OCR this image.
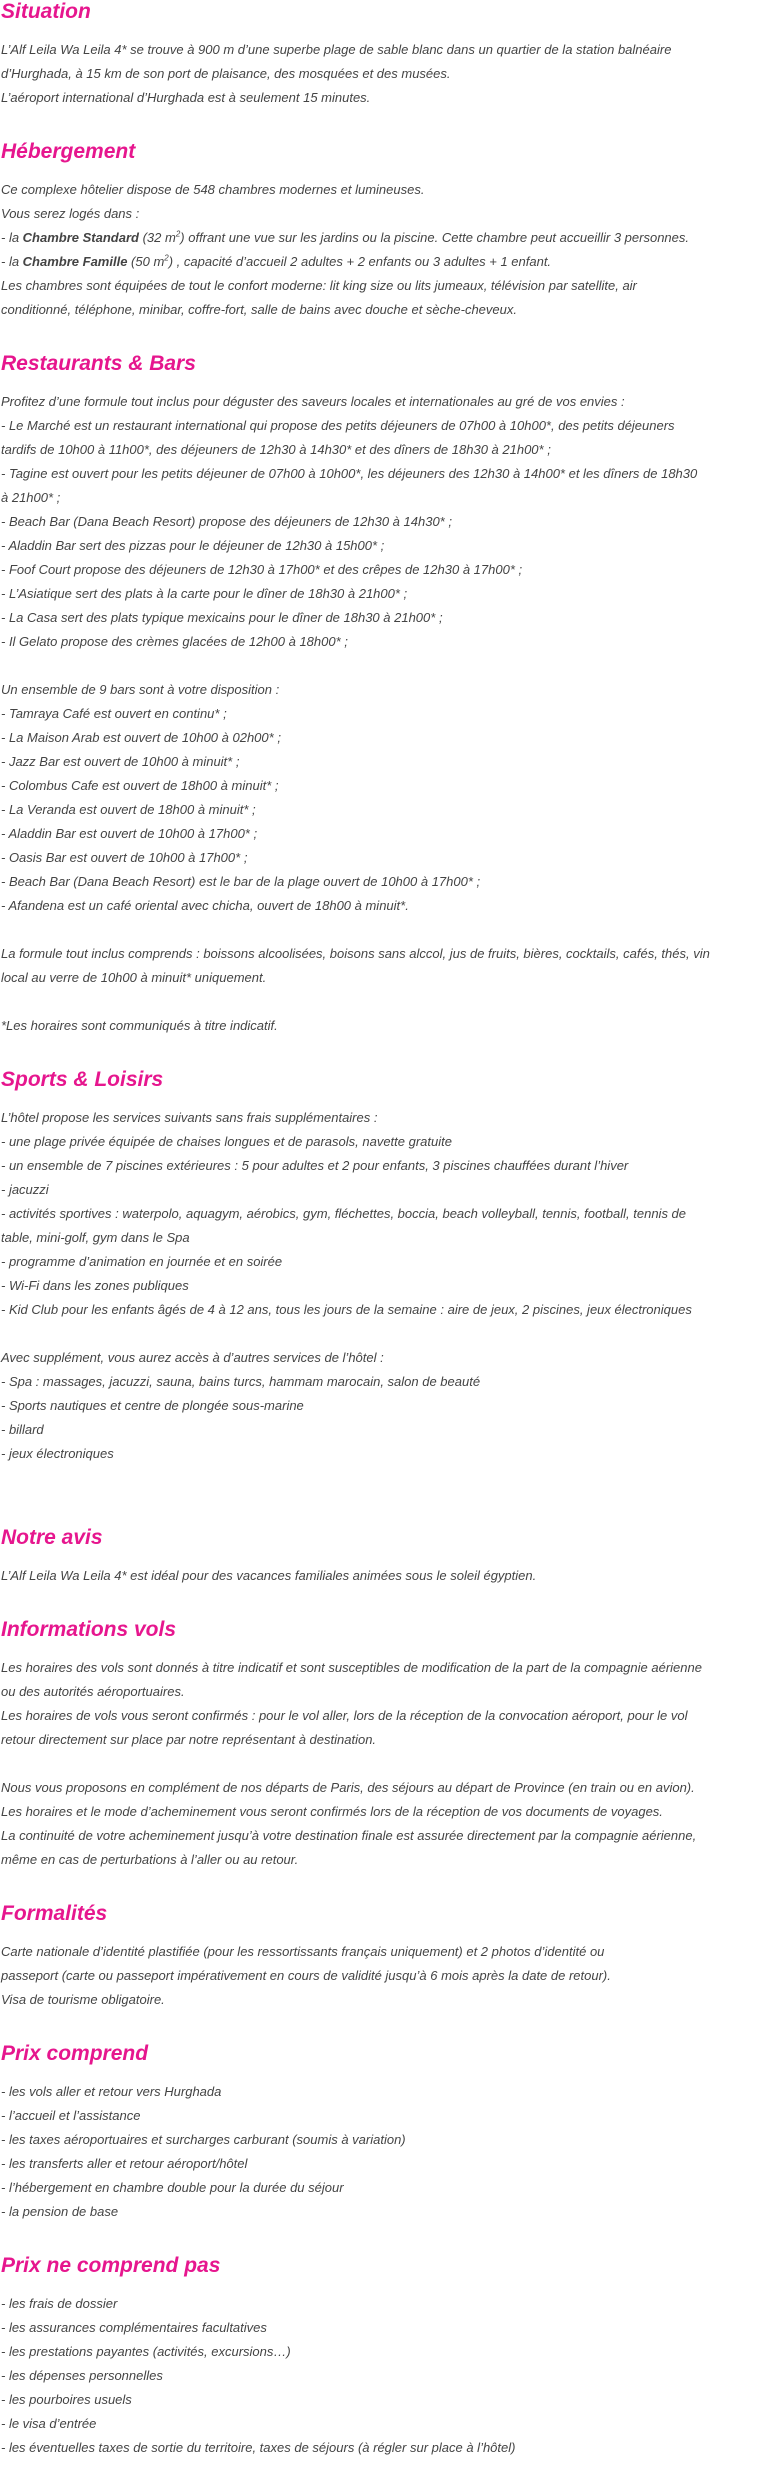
Situation
L’Alf Leila Wa Leila 4* se trouve à 900 m d’une superbe plage de sable blanc dans un quartier de la station balnéaire
d’Hurghada, à 15 km de son port de plaisance, des mosquées et des musées.
L’aéroport international d’Hurghada est à seulement 15 minutes.
Hébergement
Ce complexe hôtelier dispose de 548 chambres modernes et lumineuses.
Vous serez logés dans :
- la Chambre Standard (32 $m^2$) offrant une vue sur les jardins ou la piscine. Cette chambre peut accueillir 3 personnes.
- la Chambre Famille (50 $m^2$) , capacité d’accueil 2 adultes + 2 enfants ou 3 adultes + 1 enfant.
Les chambres sont équipées de tout le confort moderne: lit king size ou lits jumeaux, télévision par satellite, air
conditionné, téléphone, minibar, coffre-fort, salle de bains avec douche et sèche-cheveux.
Restaurants & Bars
Profitez d’une formule tout inclus pour déguster des saveurs locales et internationales au gré de vos envies :
- Le Marché est un restaurant international qui propose des petits déjeuners de 07h00 à 10h00*, des petits déjeuners
tardifs de 10h00 à 11h00*, des déjeuners de 12h30 à 14h30* et des dîners de 18h30 à 21h00* ;
- Tagine est ouvert pour les petits déjeuner de 07h00 à 10h00*, les déjeuners des 12h30 à 14h00* et les dîners de 18h30
à 21h00* ;
- Beach Bar (Dana Beach Resort) propose des déjeuners de 12h30 à 14h30* ;
- Aladdin Bar sert des pizzas pour le déjeuner de 12h30 à 15h00* ;
- Foof Court propose des déjeuners de 12h30 à 17h00* et des crêpes de 12h30 à 17h00* ;
- L’Asiatique sert des plats à la carte pour le dîner de 18h30 à 21h00* ;
- La Casa sert des plats typique mexicains pour le dîner de 18h30 à 21h00* ;
- Il Gelato propose des crèmes glacées de 12h00 à 18h00* ;
Un ensemble de 9 bars sont à votre disposition :
- Tamraya Café est ouvert en continu* ;
- La Maison Arab est ouvert de 10h00 à 02h00* ;
- Jazz Bar est ouvert de 10h00 à minuit* ;
- Colombus Cafe est ouvert de 18h00 à minuit* ;
- La Veranda est ouvert de 18h00 à minuit* ;
- Aladdin Bar est ouvert de 10h00 à 17h00* ;
- Oasis Bar est ouvert de 10h00 à 17h00* ;
- Beach Bar (Dana Beach Resort) est le bar de la plage ouvert de 10h00 à 17h00* ;
- Afandena est un café oriental avec chicha, ouvert de 18h00 à minuit*.
La formule tout inclus comprends : boissons alcoolisées, boisons sans alccol, jus de fruits, bières, cocktails, cafés, thés, vin
local au verre de 10h00 à minuit* uniquement.
*Les horaires sont communiqués à titre indicatif.
Sports & Loisirs
L’hôtel propose les services suivants sans frais supplémentaires :
- une plage privée équipée de chaises longues et de parasols, navette gratuite
- un ensemble de 7 piscines extérieures : 5 pour adultes et 2 pour enfants, 3 piscines chauffées durant l’hiver
- jacuzzi
- activités sportives : waterpolo, aquagym, aérobics, gym, fléchettes, boccia, beach volleyball, tennis, football, tennis de
table, mini-golf, gym dans le Spa
- programme d’animation en journée et en soirée
- Wi-Fi dans les zones publiques
- Kid Club pour les enfants âgés de 4 à 12 ans, tous les jours de la semaine : aire de jeux, 2 piscines, jeux électroniques
Avec supplément, vous aurez accès à d’autres services de l’hôtel :
- Spa : massages, jacuzzi, sauna, bains turcs, hammam marocain, salon de beauté
- Sports nautiques et centre de plongée sous-marine
- billard
- jeux électroniques
Notre avis
L’Alf Leila Wa Leila 4* est idéal pour des vacances familiales animées sous le soleil égyptien.
Informations vols
Les horaires des vols sont donnés à titre indicatif et sont susceptibles de modification de la part de la compagnie aérienne
ou des autorités aéroportuaires.
Les horaires de vols vous seront confirmés : pour le vol aller, lors de la réception de la convocation aéroport, pour le vol
retour directement sur place par notre représentant à destination.
Nous vous proposons en complément de nos départs de Paris, des séjours au départ de Province (en train ou en avion).
Les horaires et le mode d’acheminement vous seront confirmés lors de la réception de vos documents de voyages.
La continuité de votre acheminement jusqu’à votre destination finale est assurée directement par la compagnie aérienne,
même en cas de perturbations à l’aller ou au retour.
Formalités
Carte nationale d’identité plastifiée (pour les ressortissants français uniquement) et 2 photos d’identité ou
passeport (carte ou passeport impérativement en cours de validité jusqu’à 6 mois après la date de retour).
Visa de tourisme obligatoire.
Prix comprend
- les vols aller et retour vers Hurghada
- l’accueil et l’assistance
- les taxes aéroportuaires et surcharges carburant (soumis à variation)
- les transferts aller et retour aéroport/hôtel
- l’hébergement en chambre double pour la durée du séjour
- la pension de base
Prix ne comprend pas
- les frais de dossier
- les assurances complémentaires facultatives
- les prestations payantes (activités, excursions…)
- les dépenses personnelles
- les pourboires usuels
- le visa d’entrée
- les éventuelles taxes de sortie du territoire, taxes de séjours (à régler sur place à l’hôtel)
